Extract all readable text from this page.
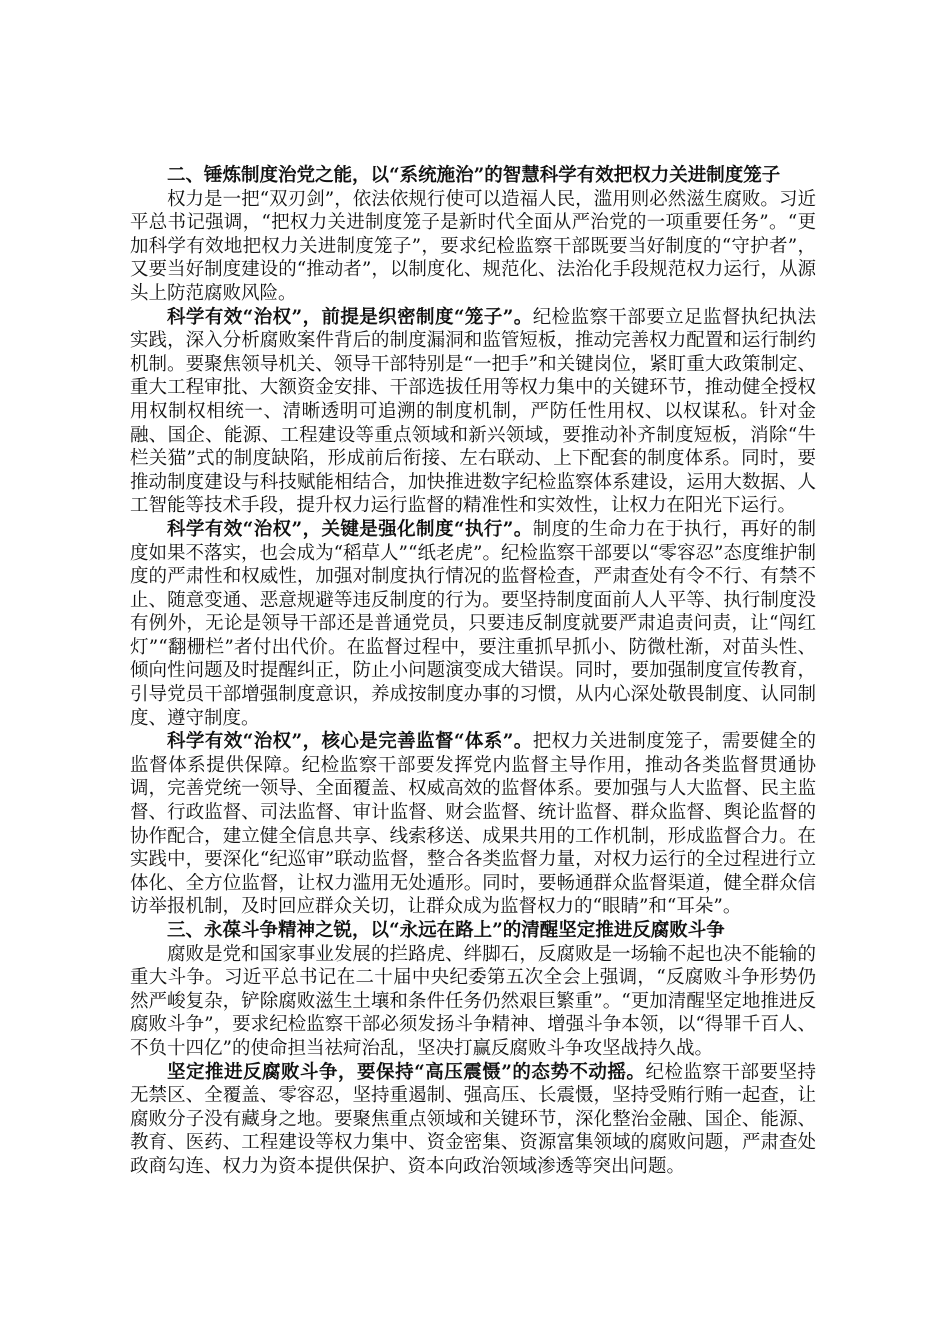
二、锤炼制度治党之能，以“系统施治”的智慧科学有效把权力关进制度笼子

权力是一把“双刃剑”，依法依规行使可以造福人民，滥用则必然滋生腐败。习近平总书记强调，“把权力关进制度笼子是新时代全面从严治党的一项重要任务”。“更加科学有效地把权力关进制度笼子”，要求纪检监察干部既要当好制度的“守护者”，又要当好制度建设的“推动者”，以制度化、规范化、法治化手段规范权力运行，从源头上防范腐败风险。

科学有效“治权”，前提是织密制度“笼子”。纪检监察干部要立足监督执纪执法实践，深入分析腐败案件背后的制度漏洞和监管短板，推动完善权力配置和运行制约机制。要聚焦领导机关、领导干部特别是“一把手”和关键岗位，紧盯重大政策制定、重大工程审批、大额资金安排、干部选拔任用等权力集中的关键环节，推动健全授权用权制权相统一、清晰透明可追溯的制度机制，严防任性用权、以权谋私。针对金融、国企、能源、工程建设等重点领域和新兴领域，要推动补齐制度短板，消除“牛栏关猫”式的制度缺陷，形成前后衔接、左右联动、上下配套的制度体系。同时，要推动制度建设与科技赋能相结合，加快推进数字纪检监察体系建设，运用大数据、人工智能等技术手段，提升权力运行监督的精准性和实效性，让权力在阳光下运行。

科学有效“治权”，关键是强化制度“执行”。制度的生命力在于执行，再好的制度如果不落实，也会成为“稻草人”“纸老虎”。纪检监察干部要以“零容忍”态度维护制度的严肃性和权威性，加强对制度执行情况的监督检查，严肃查处有令不行、有禁不止、随意变通、恶意规避等违反制度的行为。要坚持制度面前人人平等、执行制度没有例外，无论是领导干部还是普通党员，只要违反制度就要严肃追责问责，让“闯红灯”“翻栅栏”者付出代价。在监督过程中，要注重抓早抓小、防微杜渐，对苗头性、倾向性问题及时提醒纠正，防止小问题演变成大错误。同时，要加强制度宣传教育，引导党员干部增强制度意识，养成按制度办事的习惯，从内心深处敬畏制度、认同制度、遵守制度。

科学有效“治权”，核心是完善监督“体系”。把权力关进制度笼子，需要健全的监督体系提供保障。纪检监察干部要发挥党内监督主导作用，推动各类监督贯通协调，完善党统一领导、全面覆盖、权威高效的监督体系。要加强与人大监督、民主监督、行政监督、司法监督、审计监督、财会监督、统计监督、群众监督、舆论监督的协作配合，建立健全信息共享、线索移送、成果共用的工作机制，形成监督合力。在实践中，要深化“纪巡审”联动监督，整合各类监督力量，对权力运行的全过程进行立体化、全方位监督，让权力滥用无处遁形。同时，要畅通群众监督渠道，健全群众信访举报机制，及时回应群众关切，让群众成为监督权力的“眼睛”和“耳朵”。

三、永葆斗争精神之锐，以“永远在路上”的清醒坚定推进反腐败斗争

腐败是党和国家事业发展的拦路虎、绊脚石，反腐败是一场输不起也决不能输的重大斗争。习近平总书记在二十届中央纪委第五次全会上强调，“反腐败斗争形势仍然严峻复杂，铲除腐败滋生土壤和条件任务仍然艰巨繁重”。“更加清醒坚定地推进反腐败斗争”，要求纪检监察干部必须发扬斗争精神、增强斗争本领，以“得罪千百人、不负十四亿”的使命担当祛疴治乱，坚决打赢反腐败斗争攻坚战持久战。

坚定推进反腐败斗争，要保持“高压震慑”的态势不动摇。纪检监察干部要坚持无禁区、全覆盖、零容忍，坚持重遏制、强高压、长震慑，坚持受贿行贿一起查，让腐败分子没有藏身之地。要聚焦重点领域和关键环节，深化整治金融、国企、能源、教育、医药、工程建设等权力集中、资金密集、资源富集领域的腐败问题，严肃查处政商勾连、权力为资本提供保护、资本向政治领域渗透等突出问题。
